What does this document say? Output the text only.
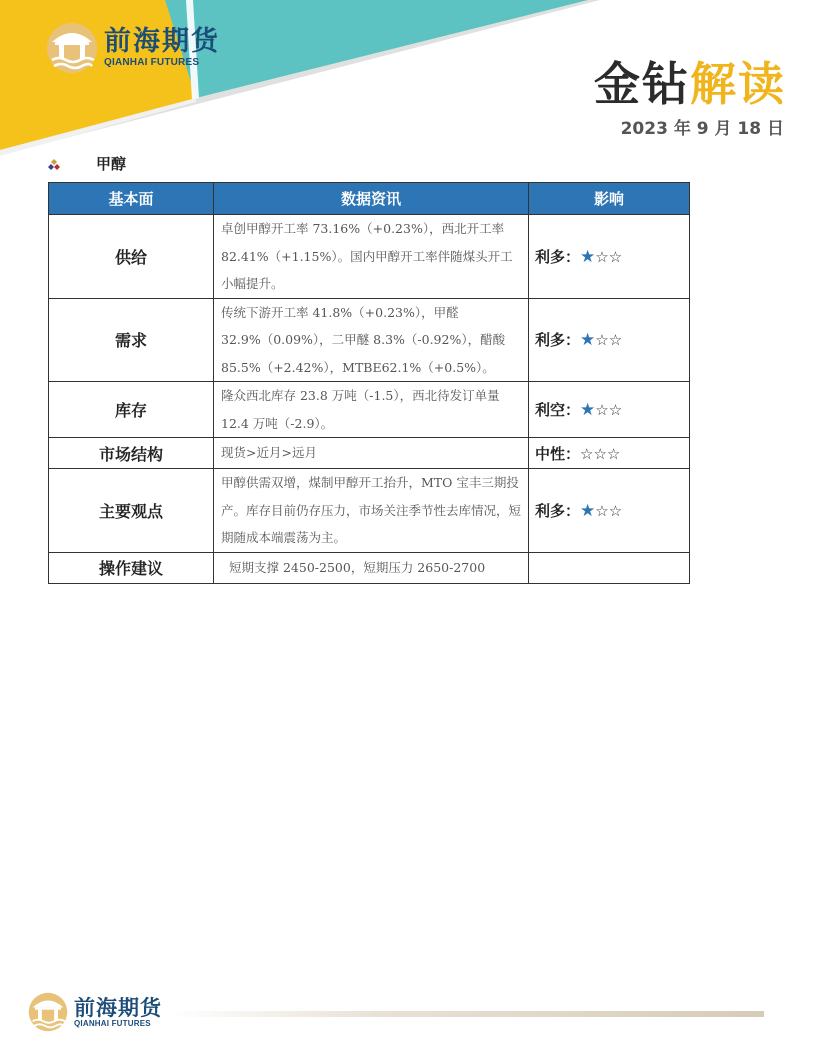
前海期货
QIANHAI FUTURES	金钻解读
2023 年 9 月 18 日
甲醇
基本面	数据资讯	影响
供给	卓创甲醇开工率 73.16%（+0.23%），西北开工率 82.41%（+1.15%）。国内甲醇开工率伴随煤头开工小幅提升。	利多：★☆☆
需求	传统下游开工率 41.8%（+0.23%），甲醛 32.9%（0.09%），二甲醚 8.3%（-0.92%），醋酸 85.5%（+2.42%），MTBE62.1%（+0.5%）。	利多：★☆☆
库存	隆众西北库存 23.8 万吨（-1.5），西北待发订单量 12.4 万吨（-2.9）。	利空：★☆☆
市场结构	现货>近月>远月	中性：☆☆☆
主要观点	甲醇供需双增，煤制甲醇开工抬升，MTO 宝丰三期投产。库存目前仍存压力，市场关注季节性去库情况，短期随成本端震荡为主。	利多：★☆☆
操作建议	短期支撑 2450-2500，短期压力 2650-2700	
前海期货
QIANHAI FUTURES
